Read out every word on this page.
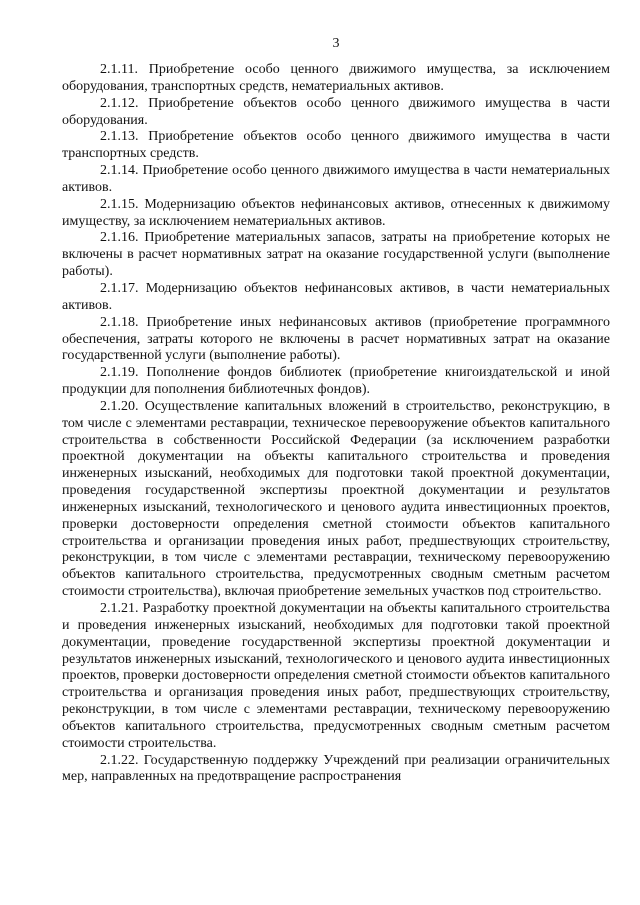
3

2.1.11. Приобретение особо ценного движимого имущества, за исключением оборудования, транспортных средств, нематериальных активов.

2.1.12. Приобретение объектов особо ценного движимого имущества в части оборудования.

2.1.13. Приобретение объектов особо ценного движимого имущества в части транспортных средств.

2.1.14. Приобретение особо ценного движимого имущества в части нематериальных активов.

2.1.15. Модернизацию объектов нефинансовых активов, отнесенных к движимому имуществу, за исключением нематериальных активов.

2.1.16. Приобретение материальных запасов, затраты на приобретение которых не включены в расчет нормативных затрат на оказание государственной услуги (выполнение работы).

2.1.17. Модернизацию объектов нефинансовых активов, в части нематериальных активов.

2.1.18. Приобретение иных нефинансовых активов (приобретение программного обеспечения, затраты которого не включены в расчет нормативных затрат на оказание государственной услуги (выполнение работы).

2.1.19. Пополнение фондов библиотек (приобретение книгоиздательской и иной продукции для пополнения библиотечных фондов).

2.1.20. Осуществление капитальных вложений в строительство, реконструкцию, в том числе с элементами реставрации, техническое перевооружение объектов капитального строительства в собственности Российской Федерации (за исключением разработки проектной документации на объекты капитального строительства и проведения инженерных изысканий, необходимых для подготовки такой проектной документации, проведения государственной экспертизы проектной документации и результатов инженерных изысканий, технологического и ценового аудита инвестиционных проектов, проверки достоверности определения сметной стоимости объектов капитального строительства и организации проведения иных работ, предшествующих строительству, реконструкции, в том числе с элементами реставрации, техническому перевооружению объектов капитального строительства, предусмотренных сводным сметным расчетом стоимости строительства), включая приобретение земельных участков под строительство.

2.1.21. Разработку проектной документации на объекты капитального строительства и проведения инженерных изысканий, необходимых для подготовки такой проектной документации, проведение государственной экспертизы проектной документации и результатов инженерных изысканий, технологического и ценового аудита инвестиционных проектов, проверки достоверности определения сметной стоимости объектов капитального строительства и организация проведения иных работ, предшествующих строительству, реконструкции, в том числе с элементами реставрации, техническому перевооружению объектов капитального строительства, предусмотренных сводным сметным расчетом стоимости строительства.

2.1.22. Государственную поддержку Учреждений при реализации ограничительных мер, направленных на предотвращение распространения
